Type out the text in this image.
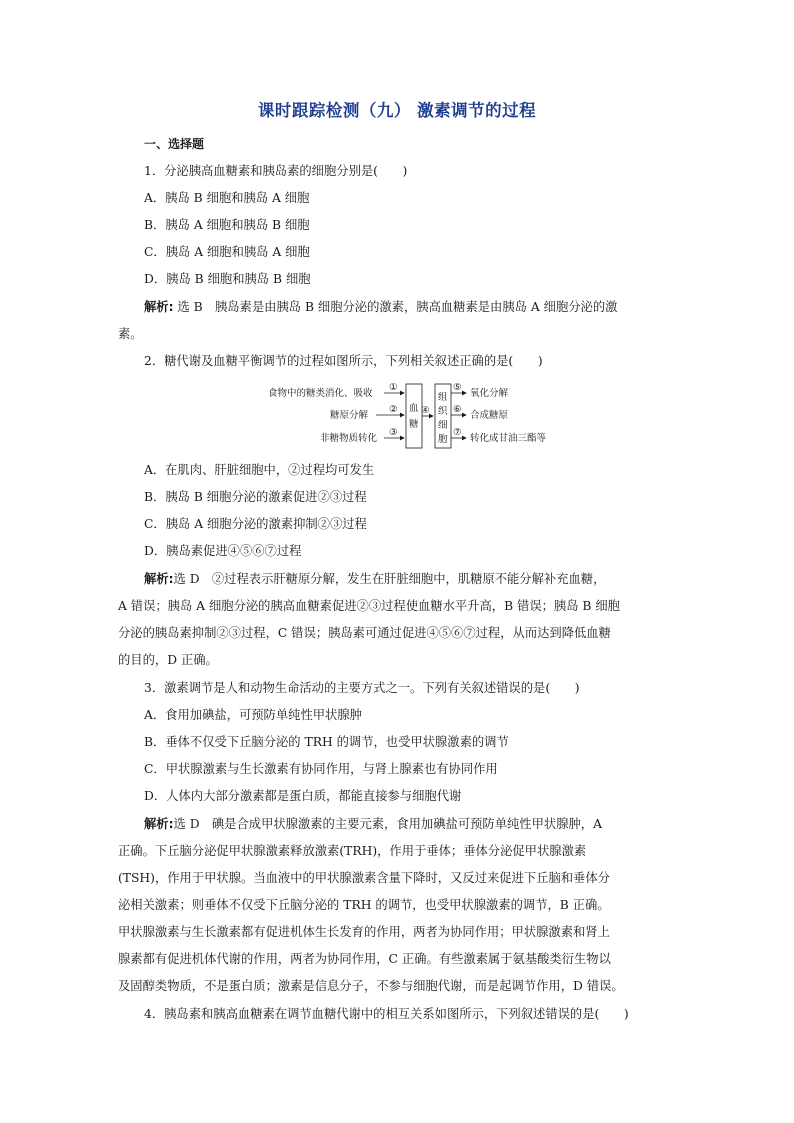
课时跟踪检测（九） 激素调节的过程
一、选择题
1．分泌胰高血糖素和胰岛素的细胞分别是(　　)
A．胰岛 B 细胞和胰岛 A 细胞
B．胰岛 A 细胞和胰岛 B 细胞
C．胰岛 A 细胞和胰岛 A 细胞
D．胰岛 B 细胞和胰岛 B 细胞
解析: 选 B　胰岛素是由胰岛 B 细胞分泌的激素，胰高血糖素是由胰岛 A 细胞分泌的激
素。
2．糖代谢及血糖平衡调节的过程如图所示，下列相关叙述正确的是(　　)
食物中的糖类消化、吸收
糖原分解
非糖物质转化
①
②
③
血
糖
④
组
织
细
胞
⑤
⑥
⑦
氧化分解
合成糖原
转化成甘油三酯等
A．在肌肉、肝脏细胞中，②过程均可发生
B．胰岛 B 细胞分泌的激素促进②③过程
C．胰岛 A 细胞分泌的激素抑制②③过程
D．胰岛素促进④⑤⑥⑦过程
解析:选 D　②过程表示肝糖原分解，发生在肝脏细胞中，肌糖原不能分解补充血糖，
A 错误；胰岛 A 细胞分泌的胰高血糖素促进②③过程使血糖水平升高，B 错误；胰岛 B 细胞
分泌的胰岛素抑制②③过程，C 错误；胰岛素可通过促进④⑤⑥⑦过程，从而达到降低血糖
的目的，D 正确。
3．激素调节是人和动物生命活动的主要方式之一。下列有关叙述错误的是(　　)
A．食用加碘盐，可预防单纯性甲状腺肿
B．垂体不仅受下丘脑分泌的 TRH 的调节，也受甲状腺激素的调节
C．甲状腺激素与生长激素有协同作用，与肾上腺素也有协同作用
D．人体内大部分激素都是蛋白质，都能直接参与细胞代谢
解析:选 D　碘是合成甲状腺激素的主要元素，食用加碘盐可预防单纯性甲状腺肿，A
正确。下丘脑分泌促甲状腺激素释放激素(TRH)，作用于垂体；垂体分泌促甲状腺激素
(TSH)，作用于甲状腺。当血液中的甲状腺激素含量下降时，又反过来促进下丘脑和垂体分
泌相关激素；则垂体不仅受下丘脑分泌的 TRH 的调节，也受甲状腺激素的调节，B 正确。
甲状腺激素与生长激素都有促进机体生长发育的作用，两者为协同作用；甲状腺激素和肾上
腺素都有促进机体代谢的作用，两者为协同作用，C 正确。有些激素属于氨基酸类衍生物以
及固醇类物质，不是蛋白质；激素是信息分子，不参与细胞代谢，而是起调节作用，D 错误。
4．胰岛素和胰高血糖素在调节血糖代谢中的相互关系如图所示，下列叙述错误的是(　　)
